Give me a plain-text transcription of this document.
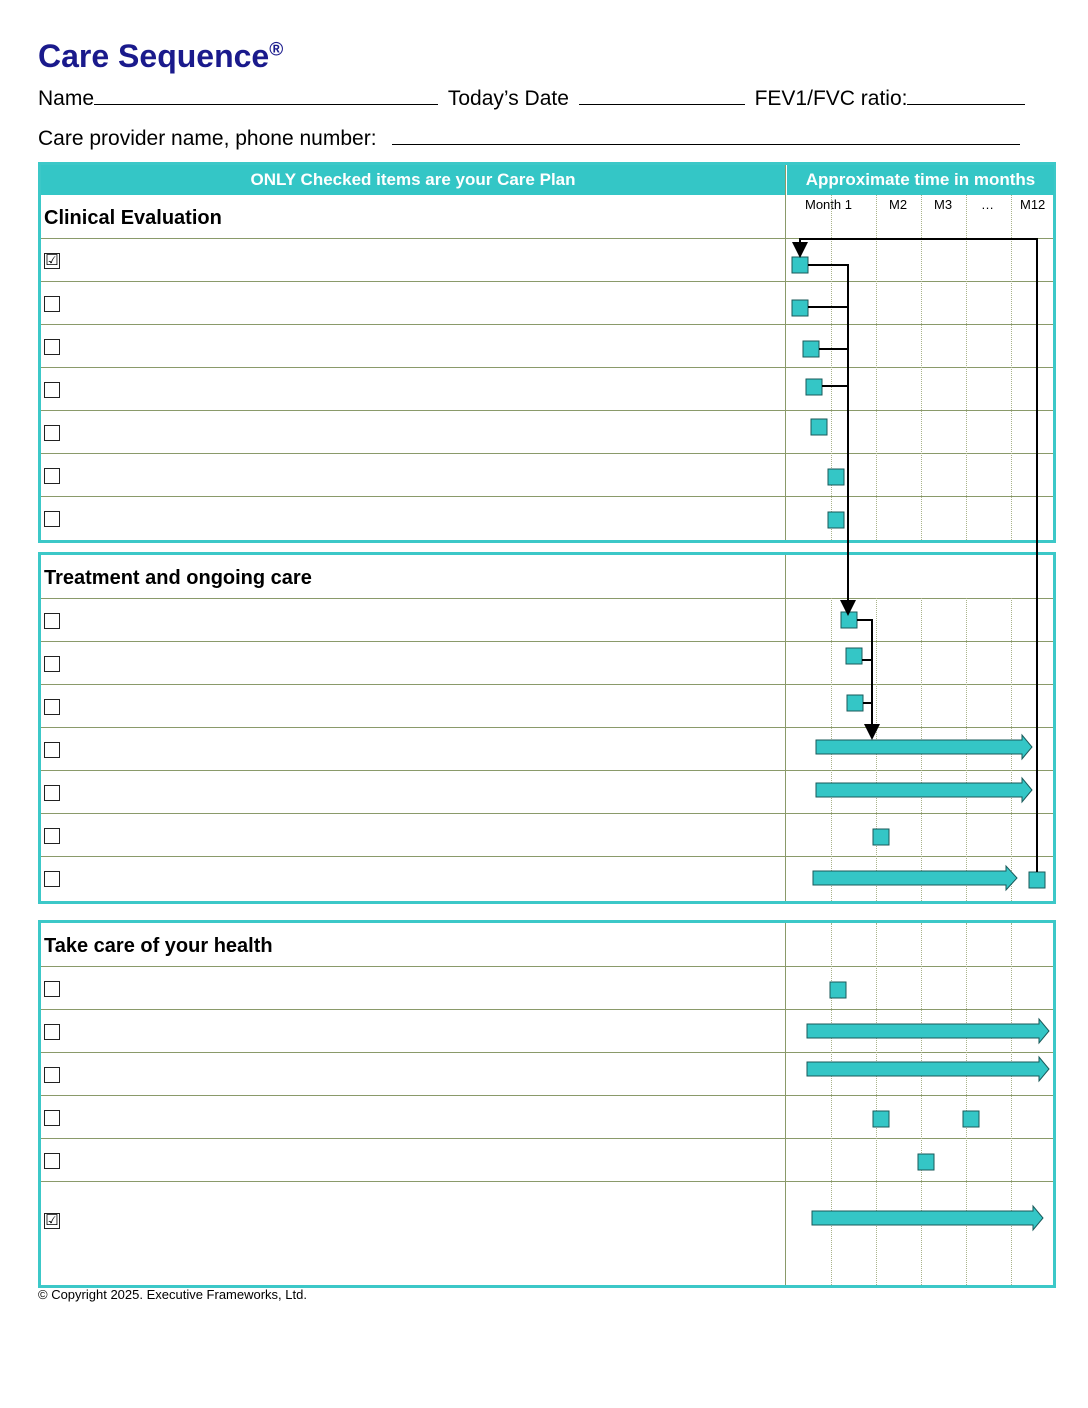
Care Sequence®
Name	Today’s Date	FEV1/FVC ratio:
Care provider name, phone number:
ONLY Checked items are your Care Plan	Approximate time in months
Clinical Evaluation
Month 1	M2 M3 … M12
☑
Treatment and ongoing care
Take care of your health
☑
© Copyright 2025. Executive Frameworks, Ltd.
